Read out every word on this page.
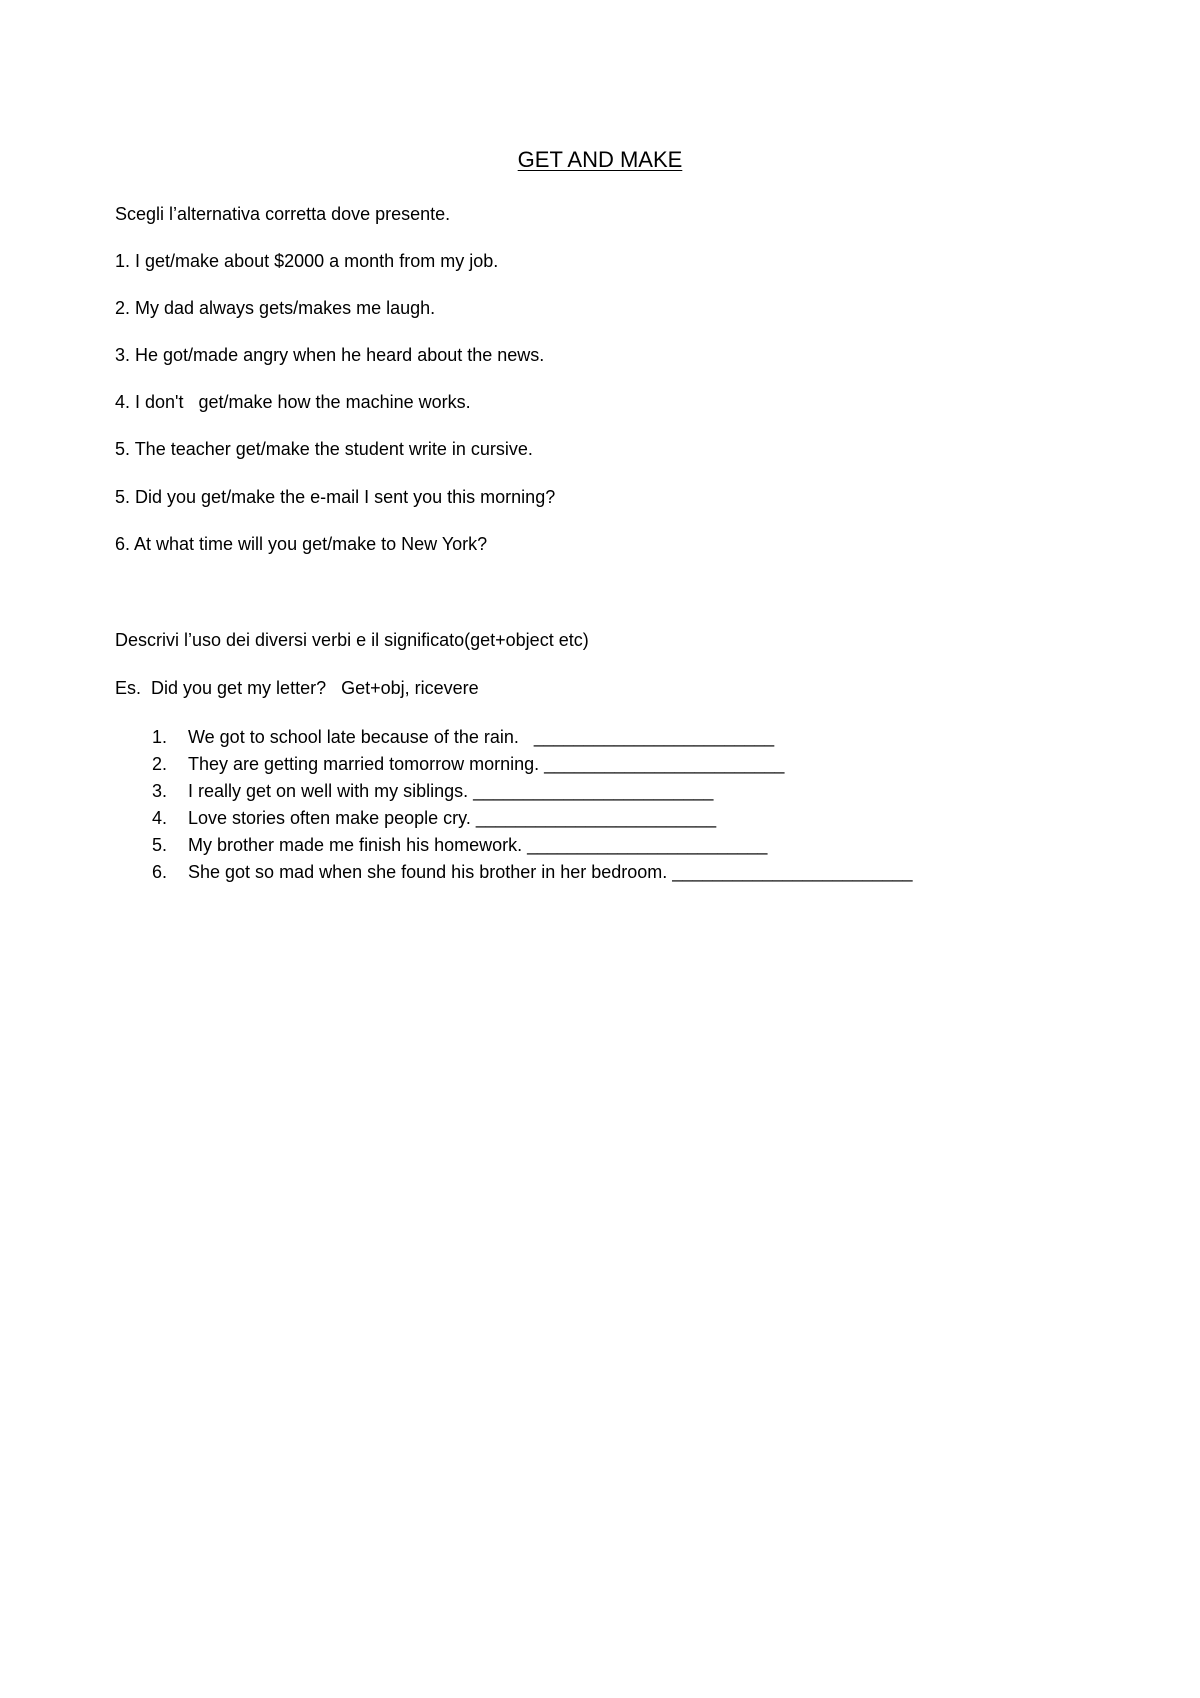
GET AND MAKE
Scegli l’alternativa corretta dove presente.
1. I get/make about $2000 a month from my job.
2. My dad always gets/makes me laugh.
3. He got/made angry when he heard about the news.
4. I don't   get/make how the machine works.
5. The teacher get/make the student write in cursive.
5. Did you get/make the e-mail I sent you this morning?
6. At what time will you get/make to New York?
Descrivi l’uso dei diversi verbi e il significato(get+object etc)
Es.  Did you get my letter?   Get+obj, ricevere
1.	We got to school late because of the rain.   ________________________
2.	They are getting married tomorrow morning. ________________________
3.	I really get on well with my siblings. ________________________
4.	Love stories often make people cry. ________________________
5.	My brother made me finish his homework. ________________________
6.	She got so mad when she found his brother in her bedroom. ________________________
